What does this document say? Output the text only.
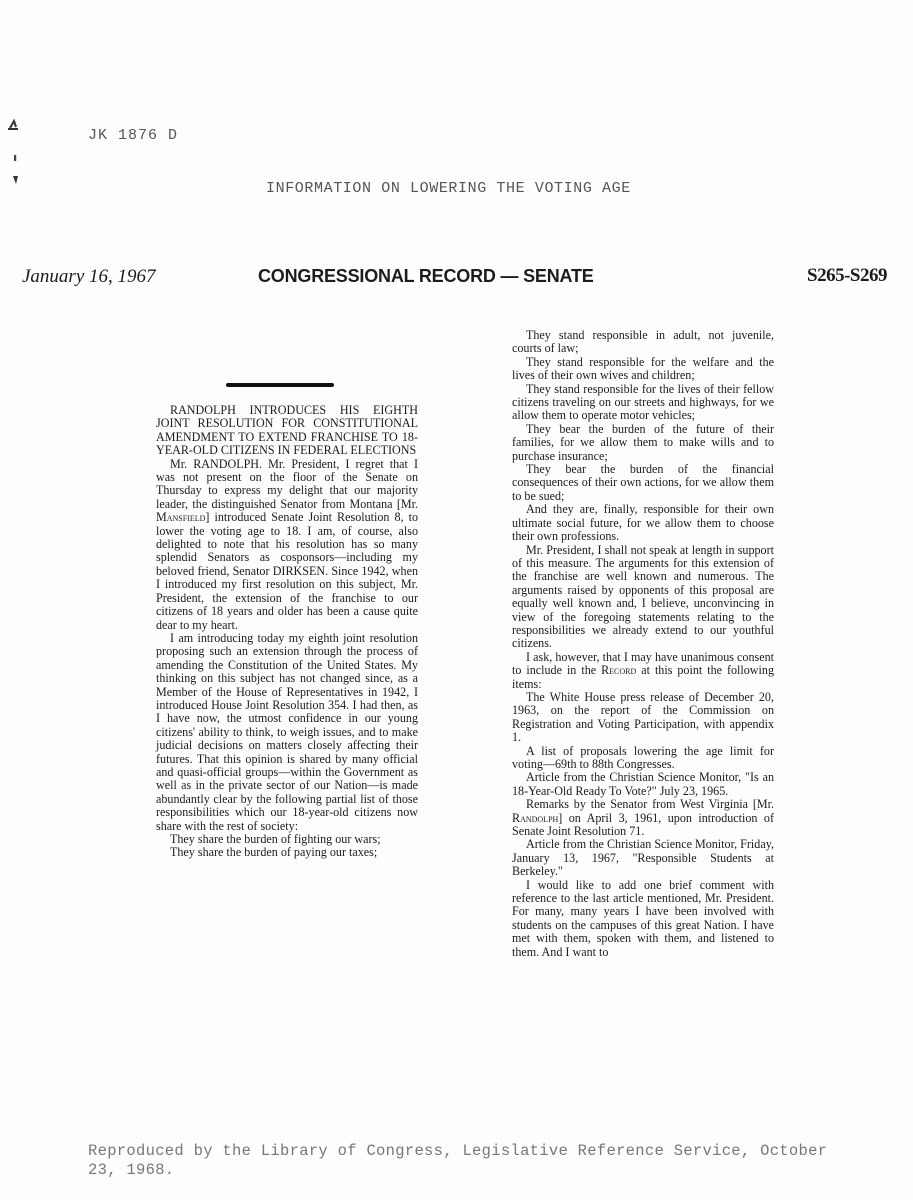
JK 1876 D
INFORMATION ON LOWERING THE VOTING AGE
January 16, 1967	CONGRESSIONAL RECORD — SENATE	S265-S269

RANDOLPH INTRODUCES HIS EIGHTH JOINT RESOLUTION FOR CONSTITUTIONAL AMENDMENT TO EXTEND FRANCHISE TO 18-YEAR-OLD CITIZENS IN FEDERAL ELECTIONS

Mr. RANDOLPH. Mr. President, I regret that I was not present on the floor of the Senate on Thursday to express my delight that our majority leader, the distinguished Senator from Montana [Mr. Mansfield] introduced Senate Joint Resolution 8, to lower the voting age to 18. I am, of course, also delighted to note that his resolution has so many splendid Senators as cosponsors—including my beloved friend, Senator DIRKSEN. Since 1942, when I introduced my first resolution on this subject, Mr. President, the extension of the franchise to our citizens of 18 years and older has been a cause quite dear to my heart.

I am introducing today my eighth joint resolution proposing such an extension through the process of amending the Constitution of the United States. My thinking on this subject has not changed since, as a Member of the House of Representatives in 1942, I introduced House Joint Resolution 354. I had then, as I have now, the utmost confidence in our young citizens' ability to think, to weigh issues, and to make judicial decisions on matters closely affecting their futures. That this opinion is shared by many official and quasi-official groups—within the Government as well as in the private sector of our Nation—is made abundantly clear by the following partial list of those responsibilities which our 18-year-old citizens now share with the rest of society:

They share the burden of fighting our wars;

They share the burden of paying our taxes;

They stand responsible in adult, not juvenile, courts of law;

They stand responsible for the welfare and the lives of their own wives and children;

They stand responsible for the lives of their fellow citizens traveling on our streets and highways, for we allow them to operate motor vehicles;

They bear the burden of the future of their families, for we allow them to make wills and to purchase insurance;

They bear the burden of the financial consequences of their own actions, for we allow them to be sued;

And they are, finally, responsible for their own ultimate social future, for we allow them to choose their own professions.

Mr. President, I shall not speak at length in support of this measure. The arguments for this extension of the franchise are well known and numerous. The arguments raised by opponents of this proposal are equally well known and, I believe, unconvincing in view of the foregoing statements relating to the responsibilities we already extend to our youthful citizens.

I ask, however, that I may have unanimous consent to include in the Record at this point the following items:

The White House press release of December 20, 1963, on the report of the Commission on Registration and Voting Participation, with appendix 1.

A list of proposals lowering the age limit for voting—69th to 88th Congresses.

Article from the Christian Science Monitor, "Is an 18-Year-Old Ready To Vote?" July 23, 1965.

Remarks by the Senator from West Virginia [Mr. Randolph] on April 3, 1961, upon introduction of Senate Joint Resolution 71.

Article from the Christian Science Monitor, Friday, January 13, 1967, "Responsible Students at Berkeley."

I would like to add one brief comment with reference to the last article mentioned, Mr. President. For many, many years I have been involved with students on the campuses of this great Nation. I have met with them, spoken with them, and listened to them. And I want to

Reproduced by the Library of Congress, Legislative Reference Service, October 23, 1968.
